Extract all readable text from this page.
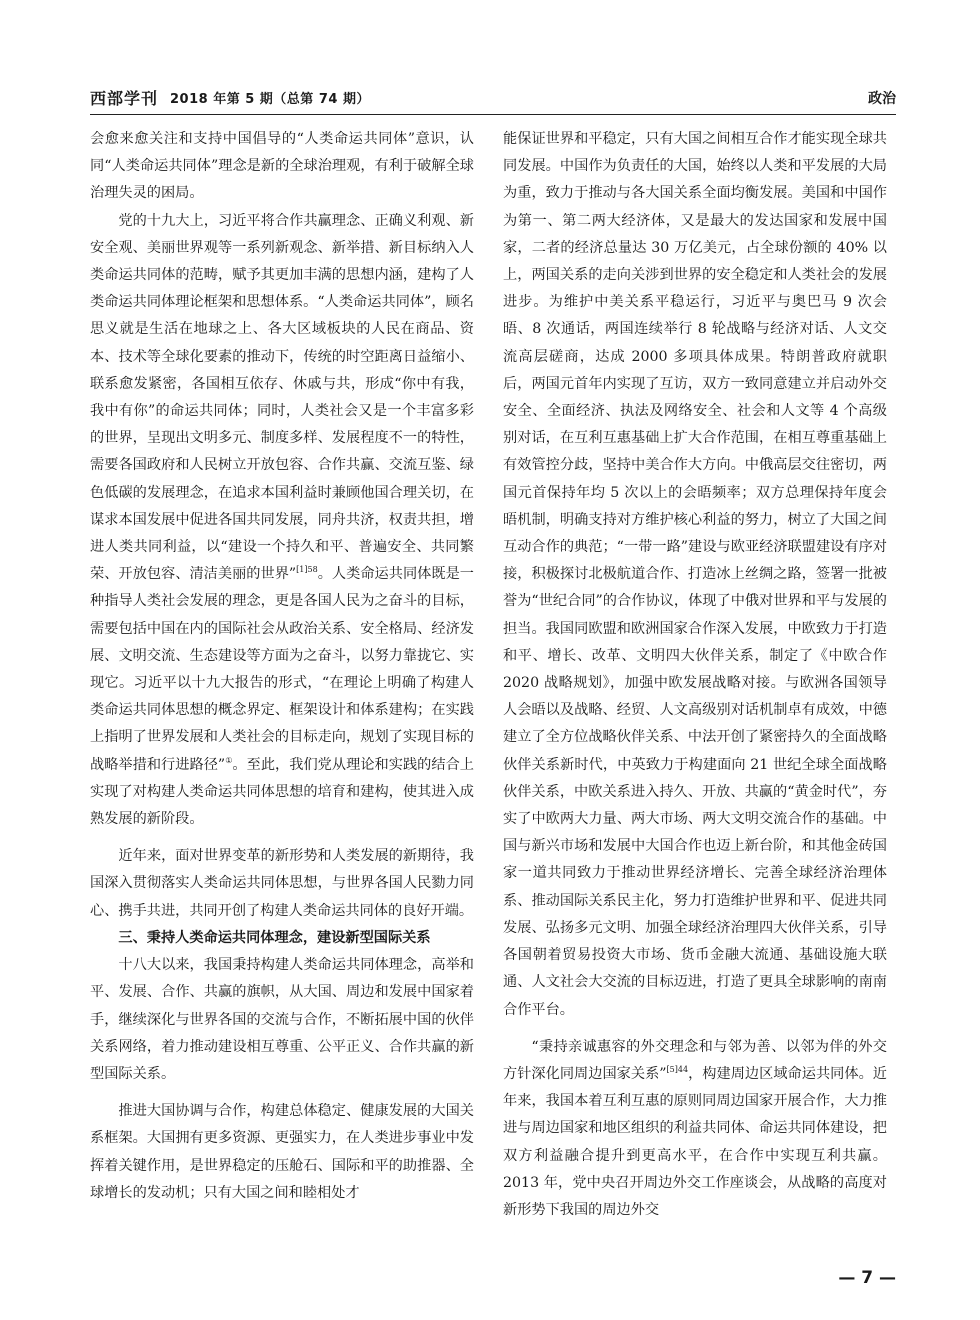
西部学刊 2018 年第 5 期（总第 74 期）	政治

会愈来愈关注和支持中国倡导的“人类命运共同体”意识，认同“人类命运共同体”理念是新的全球治理观，有利于破解全球治理失灵的困局。

党的十九大上，习近平将合作共赢理念、正确义利观、新安全观、美丽世界观等一系列新观念、新举措、新目标纳入人类命运共同体的范畴，赋予其更加丰满的思想内涵，建构了人类命运共同体理论框架和思想体系。“人类命运共同体”，顾名思义就是生活在地球之上、各大区域板块的人民在商品、资本、技术等全球化要素的推动下，传统的时空距离日益缩小、联系愈发紧密，各国相互依存、休戚与共，形成“你中有我，我中有你”的命运共同体；同时，人类社会又是一个丰富多彩的世界，呈现出文明多元、制度多样、发展程度不一的特性，需要各国政府和人民树立开放包容、合作共赢、交流互鉴、绿色低碳的发展理念，在追求本国利益时兼顾他国合理关切，在谋求本国发展中促进各国共同发展，同舟共济，权责共担，增进人类共同利益，以“建设一个持久和平、普遍安全、共同繁荣、开放包容、清洁美丽的世界”$^{[1]58}$。人类命运共同体既是一种指导人类社会发展的理念，更是各国人民为之奋斗的目标，需要包括中国在内的国际社会从政治关系、安全格局、经济发展、文明交流、生态建设等方面为之奋斗，以努力靠拢它、实现它。习近平以十九大报告的形式，“在理论上明确了构建人类命运共同体思想的概念界定、框架设计和体系建构；在实践上指明了世界发展和人类社会的目标走向，规划了实现目标的战略举措和行进路径”①。至此，我们党从理论和实践的结合上实现了对构建人类命运共同体思想的培育和建构，使其进入成熟发展的新阶段。

近年来，面对世界变革的新形势和人类发展的新期待，我国深入贯彻落实人类命运共同体思想，与世界各国人民勠力同心、携手共进，共同开创了构建人类命运共同体的良好开端。

三、秉持人类命运共同体理念，建设新型国际关系

十八大以来，我国秉持构建人类命运共同体理念，高举和平、发展、合作、共赢的旗帜，从大国、周边和发展中国家着手，继续深化与世界各国的交流与合作，不断拓展中国的伙伴关系网络，着力推动建设相互尊重、公平正义、合作共赢的新型国际关系。

推进大国协调与合作，构建总体稳定、健康发展的大国关系框架。大国拥有更多资源、更强实力，在人类进步事业中发挥着关键作用，是世界稳定的压舱石、国际和平的助推器、全球增长的发动机；只有大国之间和睦相处才

能保证世界和平稳定，只有大国之间相互合作才能实现全球共同发展。中国作为负责任的大国，始终以人类和平发展的大局为重，致力于推动与各大国关系全面均衡发展。美国和中国作为第一、第二两大经济体，又是最大的发达国家和发展中国家，二者的经济总量达 30 万亿美元，占全球份额的 40% 以上，两国关系的走向关涉到世界的安全稳定和人类社会的发展进步。为维护中美关系平稳运行，习近平与奥巴马 9 次会晤、8 次通话，两国连续举行 8 轮战略与经济对话、人文交流高层磋商，达成 2000 多项具体成果。特朗普政府就职后，两国元首年内实现了互访，双方一致同意建立并启动外交安全、全面经济、执法及网络安全、社会和人文等 4 个高级别对话，在互利互惠基础上扩大合作范围，在相互尊重基础上有效管控分歧，坚持中美合作大方向。中俄高层交往密切，两国元首保持年均 5 次以上的会晤频率；双方总理保持年度会晤机制，明确支持对方维护核心利益的努力，树立了大国之间互动合作的典范；“一带一路”建设与欧亚经济联盟建设有序对接，积极探讨北极航道合作、打造冰上丝绸之路，签署一批被誉为“世纪合同”的合作协议，体现了中俄对世界和平与发展的担当。我国同欧盟和欧洲国家合作深入发展，中欧致力于打造和平、增长、改革、文明四大伙伴关系，制定了《中欧合作 2020 战略规划》，加强中欧发展战略对接。与欧洲各国领导人会晤以及战略、经贸、人文高级别对话机制卓有成效，中德建立了全方位战略伙伴关系、中法开创了紧密持久的全面战略伙伴关系新时代，中英致力于构建面向 21 世纪全球全面战略伙伴关系，中欧关系进入持久、开放、共赢的“黄金时代”，夯实了中欧两大力量、两大市场、两大文明交流合作的基础。中国与新兴市场和发展中大国合作也迈上新台阶，和其他金砖国家一道共同致力于推动世界经济增长、完善全球经济治理体系、推动国际关系民主化，努力打造维护世界和平、促进共同发展、弘扬多元文明、加强全球经济治理四大伙伴关系，引导各国朝着贸易投资大市场、货币金融大流通、基础设施大联通、人文社会大交流的目标迈进，打造了更具全球影响的南南合作平台。

“秉持亲诚惠容的外交理念和与邻为善、以邻为伴的外交方针深化同周边国家关系”$^{[5]44}$，构建周边区域命运共同体。近年来，我国本着互利互惠的原则同周边国家开展合作，大力推进与周边国家和地区组织的利益共同体、命运共同体建设，把双方利益融合提升到更高水平，在合作中实现互利共赢。2013 年，党中央召开周边外交工作座谈会，从战略的高度对新形势下我国的周边外交

— 7 —
